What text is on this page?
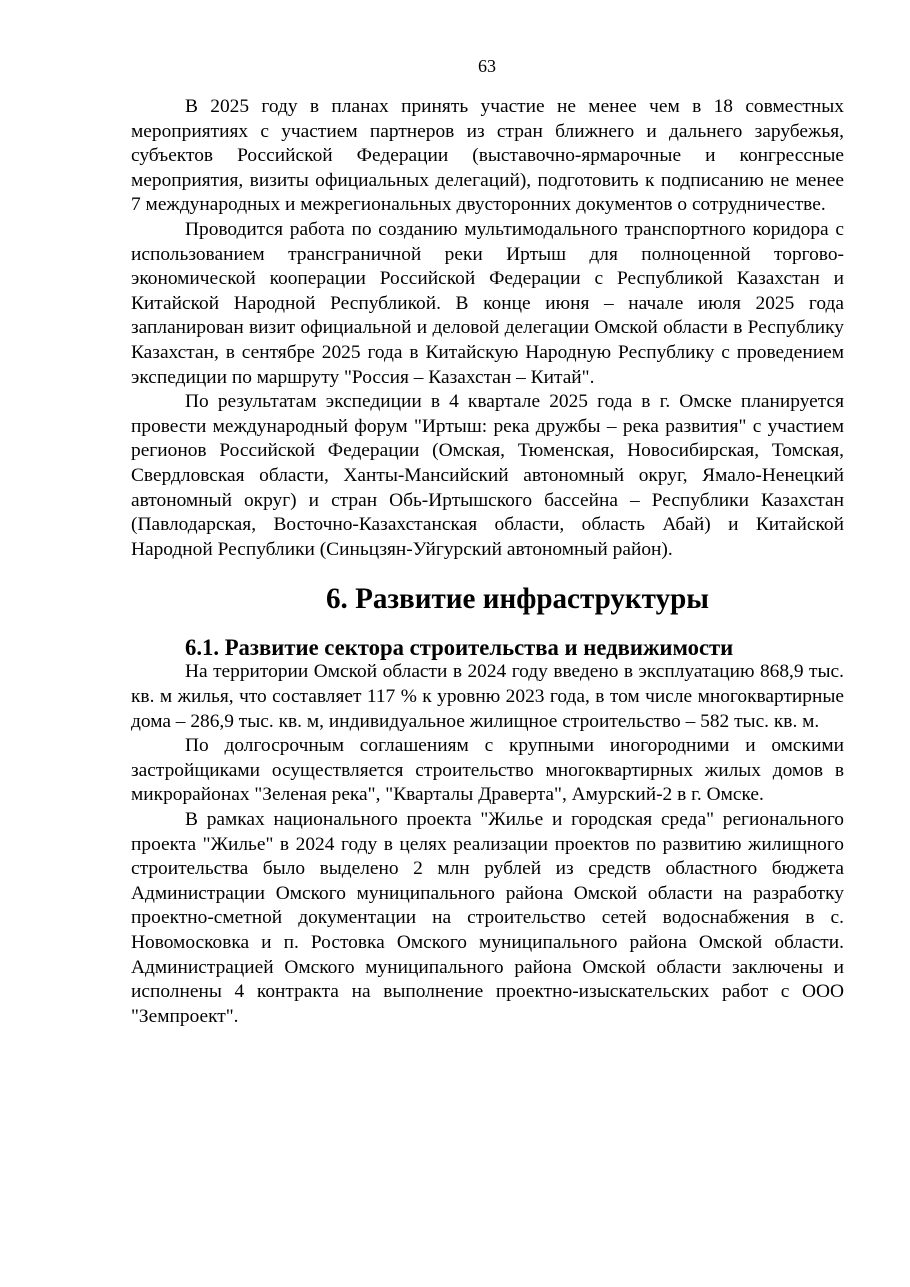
63

В 2025 году в планах принять участие не менее чем в 18 совместных мероприятиях с участием партнеров из стран ближнего и дальнего зарубежья, субъектов Российской Федерации (выставочно-ярмарочные и конгрессные мероприятия, визиты официальных делегаций), подготовить к подписанию не менее 7 международных и межрегиональных двусторонних документов о сотрудничестве.

Проводится работа по созданию мультимодального транспортного коридора с использованием трансграничной реки Иртыш для полноценной торгово-экономической кооперации Российской Федерации с Республикой Казахстан и Китайской Народной Республикой. В конце июня – начале июля 2025 года запланирован визит официальной и деловой делегации Омской области в Республику Казахстан, в сентябре 2025 года в Китайскую Народную Республику с проведением экспедиции по маршруту "Россия – Казахстан – Китай".

По результатам экспедиции в 4 квартале 2025 года в г. Омске планируется провести международный форум "Иртыш: река дружбы – река развития" с участием регионов Российской Федерации (Омская, Тюменская, Новосибирская, Томская, Свердловская области, Ханты-Мансийский автономный округ, Ямало-Ненецкий автономный округ) и стран Обь-Иртышского бассейна – Республики Казахстан (Павлодарская, Восточно-Казахстанская области, область Абай) и Китайской Народной Республики (Синьцзян-Уйгурский автономный район).

6. Развитие инфраструктуры
6.1. Развитие сектора строительства и недвижимости

На территории Омской области в 2024 году введено в эксплуатацию 868,9 тыс. кв. м жилья, что составляет 117 % к уровню 2023 года, в том числе многоквартирные дома – 286,9 тыс. кв. м, индивидуальное жилищное строительство – 582 тыс. кв. м.

По долгосрочным соглашениям с крупными иногородними и омскими застройщиками осуществляется строительство многоквартирных жилых домов в микрорайонах "Зеленая река", "Кварталы Драверта", Амурский-2 в г. Омске.

В рамках национального проекта "Жилье и городская среда" регионального проекта "Жилье" в 2024 году в целях реализации проектов по развитию жилищного строительства было выделено 2 млн рублей из средств областного бюджета Администрации Омского муниципального района Омской области на разработку проектно-сметной документации на строительство сетей водоснабжения в с. Новомосковка и п. Ростовка Омского муниципального района Омской области. Администрацией Омского муниципального района Омской области заключены и исполнены 4 контракта на выполнение проектно-изыскательских работ с ООО "Земпроект".
